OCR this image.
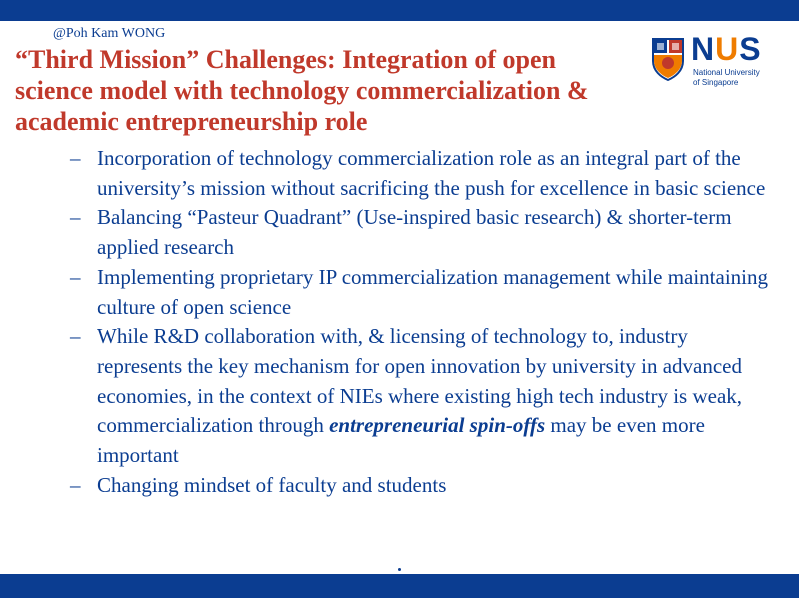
@Poh Kam WONG
“Third Mission” Challenges: Integration of open science model with technology commercialization & academic entrepreneurship role
NUS
National University
of Singapore
– Incorporation of technology commercialization role as an integral part of the university’s mission without sacrificing the push for excellence in basic science
– Balancing “Pasteur Quadrant” (Use-inspired basic research) & shorter-term applied research
– Implementing proprietary IP commercialization management while maintaining culture of open science
– While R&D collaboration with, & licensing of technology to, industry represents the key mechanism for open innovation by university in advanced economies, in the context of NIEs where existing high tech industry is weak, commercialization through entrepreneurial spin-offs may be even more important
– Changing mindset of faculty and students
